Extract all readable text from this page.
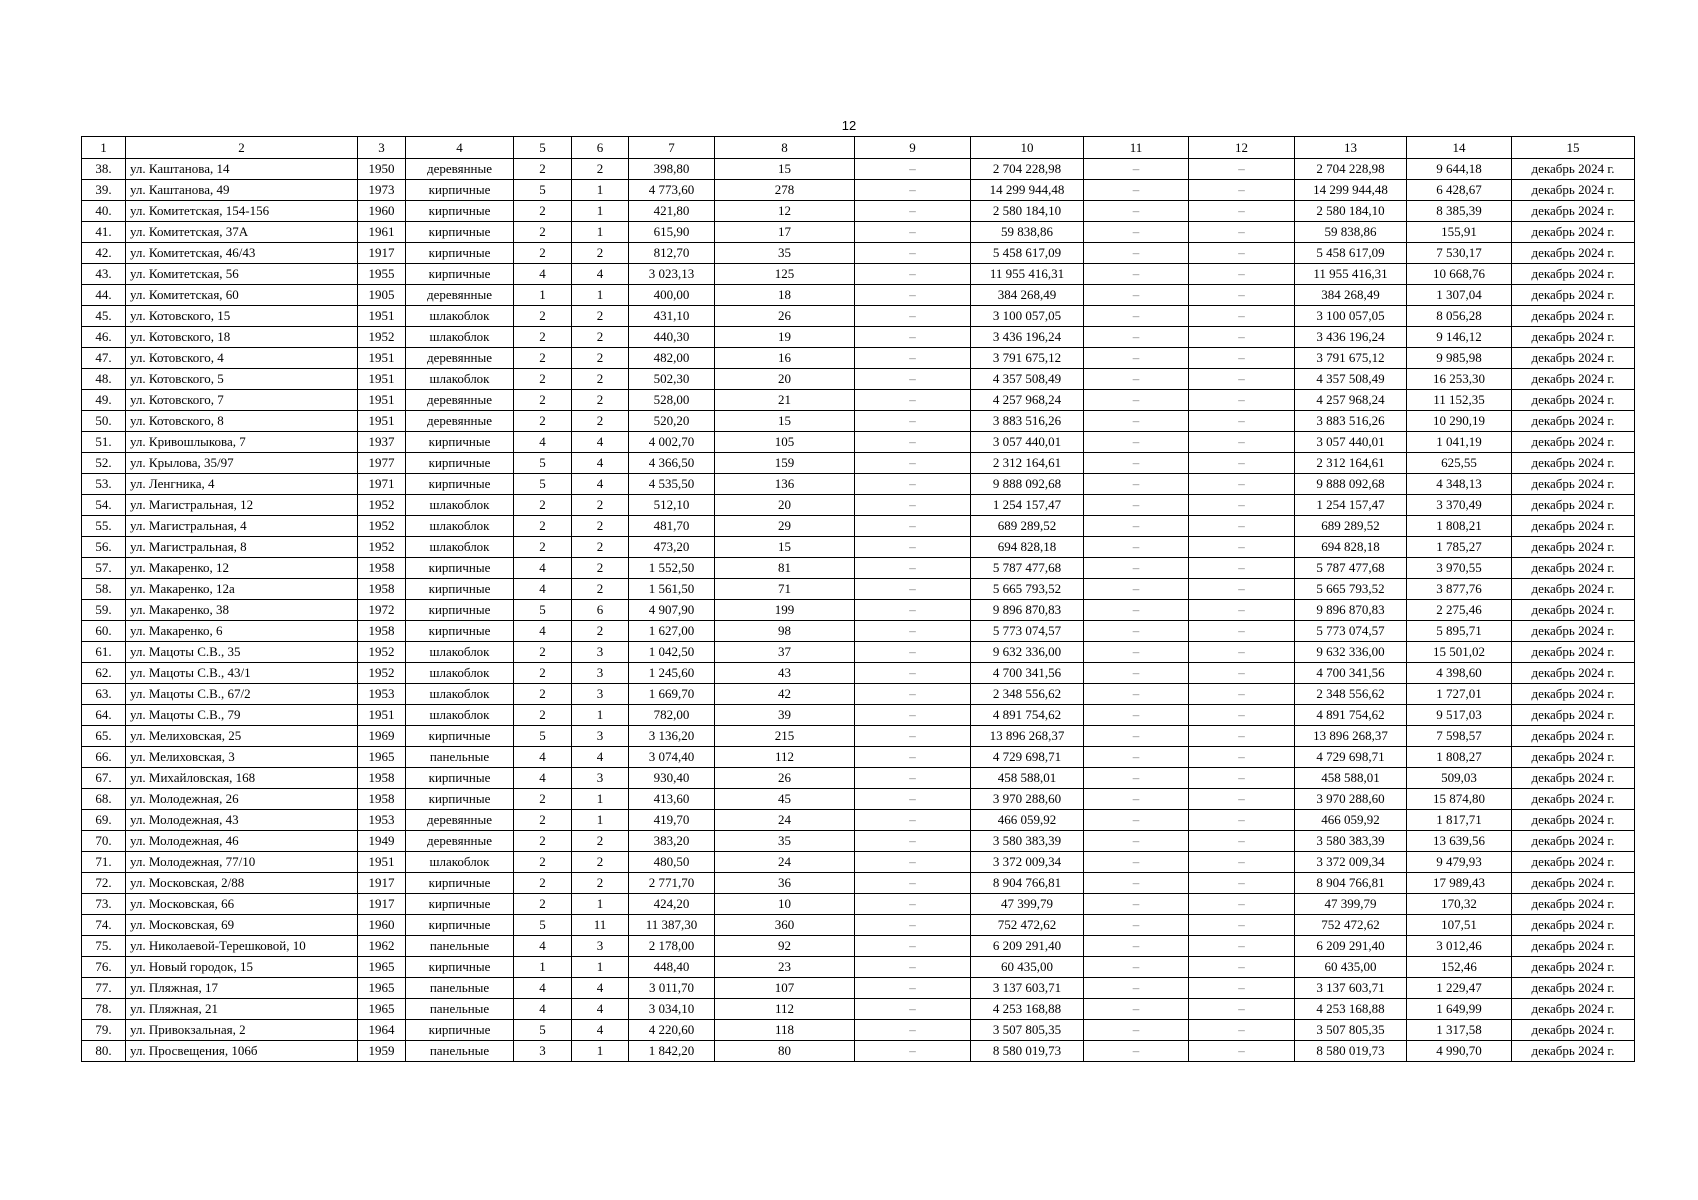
12
1	2	3	4	5	6	7	8	9	10	11	12	13	14	15
38.	ул. Каштанова, 14	1950	деревянные	2	2	398,80	15	–	2 704 228,98	–	–	2 704 228,98	9 644,18	декабрь 2024 г.
39.	ул. Каштанова, 49	1973	кирпичные	5	1	4 773,60	278	–	14 299 944,48	–	–	14 299 944,48	6 428,67	декабрь 2024 г.
40.	ул. Комитетская, 154-156	1960	кирпичные	2	1	421,80	12	–	2 580 184,10	–	–	2 580 184,10	8 385,39	декабрь 2024 г.
41.	ул. Комитетская, 37А	1961	кирпичные	2	1	615,90	17	–	59 838,86	–	–	59 838,86	155,91	декабрь 2024 г.
42.	ул. Комитетская, 46/43	1917	кирпичные	2	2	812,70	35	–	5 458 617,09	–	–	5 458 617,09	7 530,17	декабрь 2024 г.
43.	ул. Комитетская, 56	1955	кирпичные	4	4	3 023,13	125	–	11 955 416,31	–	–	11 955 416,31	10 668,76	декабрь 2024 г.
44.	ул. Комитетская, 60	1905	деревянные	1	1	400,00	18	–	384 268,49	–	–	384 268,49	1 307,04	декабрь 2024 г.
45.	ул. Котовского, 15	1951	шлакоблок	2	2	431,10	26	–	3 100 057,05	–	–	3 100 057,05	8 056,28	декабрь 2024 г.
46.	ул. Котовского, 18	1952	шлакоблок	2	2	440,30	19	–	3 436 196,24	–	–	3 436 196,24	9 146,12	декабрь 2024 г.
47.	ул. Котовского, 4	1951	деревянные	2	2	482,00	16	–	3 791 675,12	–	–	3 791 675,12	9 985,98	декабрь 2024 г.
48.	ул. Котовского, 5	1951	шлакоблок	2	2	502,30	20	–	4 357 508,49	–	–	4 357 508,49	16 253,30	декабрь 2024 г.
49.	ул. Котовского, 7	1951	деревянные	2	2	528,00	21	–	4 257 968,24	–	–	4 257 968,24	11 152,35	декабрь 2024 г.
50.	ул. Котовского, 8	1951	деревянные	2	2	520,20	15	–	3 883 516,26	–	–	3 883 516,26	10 290,19	декабрь 2024 г.
51.	ул. Кривошлыкова, 7	1937	кирпичные	4	4	4 002,70	105	–	3 057 440,01	–	–	3 057 440,01	1 041,19	декабрь 2024 г.
52.	ул. Крылова, 35/97	1977	кирпичные	5	4	4 366,50	159	–	2 312 164,61	–	–	2 312 164,61	625,55	декабрь 2024 г.
53.	ул. Ленгника, 4	1971	кирпичные	5	4	4 535,50	136	–	9 888 092,68	–	–	9 888 092,68	4 348,13	декабрь 2024 г.
54.	ул. Магистральная, 12	1952	шлакоблок	2	2	512,10	20	–	1 254 157,47	–	–	1 254 157,47	3 370,49	декабрь 2024 г.
55.	ул. Магистральная, 4	1952	шлакоблок	2	2	481,70	29	–	689 289,52	–	–	689 289,52	1 808,21	декабрь 2024 г.
56.	ул. Магистральная, 8	1952	шлакоблок	2	2	473,20	15	–	694 828,18	–	–	694 828,18	1 785,27	декабрь 2024 г.
57.	ул. Макаренко, 12	1958	кирпичные	4	2	1 552,50	81	–	5 787 477,68	–	–	5 787 477,68	3 970,55	декабрь 2024 г.
58.	ул. Макаренко, 12а	1958	кирпичные	4	2	1 561,50	71	–	5 665 793,52	–	–	5 665 793,52	3 877,76	декабрь 2024 г.
59.	ул. Макаренко, 38	1972	кирпичные	5	6	4 907,90	199	–	9 896 870,83	–	–	9 896 870,83	2 275,46	декабрь 2024 г.
60.	ул. Макаренко, 6	1958	кирпичные	4	2	1 627,00	98	–	5 773 074,57	–	–	5 773 074,57	5 895,71	декабрь 2024 г.
61.	ул. Мацоты С.В., 35	1952	шлакоблок	2	3	1 042,50	37	–	9 632 336,00	–	–	9 632 336,00	15 501,02	декабрь 2024 г.
62.	ул. Мацоты С.В., 43/1	1952	шлакоблок	2	3	1 245,60	43	–	4 700 341,56	–	–	4 700 341,56	4 398,60	декабрь 2024 г.
63.	ул. Мацоты С.В., 67/2	1953	шлакоблок	2	3	1 669,70	42	–	2 348 556,62	–	–	2 348 556,62	1 727,01	декабрь 2024 г.
64.	ул. Мацоты С.В., 79	1951	шлакоблок	2	1	782,00	39	–	4 891 754,62	–	–	4 891 754,62	9 517,03	декабрь 2024 г.
65.	ул. Мелиховская, 25	1969	кирпичные	5	3	3 136,20	215	–	13 896 268,37	–	–	13 896 268,37	7 598,57	декабрь 2024 г.
66.	ул. Мелиховская, 3	1965	панельные	4	4	3 074,40	112	–	4 729 698,71	–	–	4 729 698,71	1 808,27	декабрь 2024 г.
67.	ул. Михайловская, 168	1958	кирпичные	4	3	930,40	26	–	458 588,01	–	–	458 588,01	509,03	декабрь 2024 г.
68.	ул. Молодежная, 26	1958	кирпичные	2	1	413,60	45	–	3 970 288,60	–	–	3 970 288,60	15 874,80	декабрь 2024 г.
69.	ул. Молодежная, 43	1953	деревянные	2	1	419,70	24	–	466 059,92	–	–	466 059,92	1 817,71	декабрь 2024 г.
70.	ул. Молодежная, 46	1949	деревянные	2	2	383,20	35	–	3 580 383,39	–	–	3 580 383,39	13 639,56	декабрь 2024 г.
71.	ул. Молодежная, 77/10	1951	шлакоблок	2	2	480,50	24	–	3 372 009,34	–	–	3 372 009,34	9 479,93	декабрь 2024 г.
72.	ул. Московская, 2/88	1917	кирпичные	2	2	2 771,70	36	–	8 904 766,81	–	–	8 904 766,81	17 989,43	декабрь 2024 г.
73.	ул. Московская, 66	1917	кирпичные	2	1	424,20	10	–	47 399,79	–	–	47 399,79	170,32	декабрь 2024 г.
74.	ул. Московская, 69	1960	кирпичные	5	11	11 387,30	360	–	752 472,62	–	–	752 472,62	107,51	декабрь 2024 г.
75.	ул. Николаевой-Терешковой, 10	1962	панельные	4	3	2 178,00	92	–	6 209 291,40	–	–	6 209 291,40	3 012,46	декабрь 2024 г.
76.	ул. Новый городок, 15	1965	кирпичные	1	1	448,40	23	–	60 435,00	–	–	60 435,00	152,46	декабрь 2024 г.
77.	ул. Пляжная, 17	1965	панельные	4	4	3 011,70	107	–	3 137 603,71	–	–	3 137 603,71	1 229,47	декабрь 2024 г.
78.	ул. Пляжная, 21	1965	панельные	4	4	3 034,10	112	–	4 253 168,88	–	–	4 253 168,88	1 649,99	декабрь 2024 г.
79.	ул. Привокзальная, 2	1964	кирпичные	5	4	4 220,60	118	–	3 507 805,35	–	–	3 507 805,35	1 317,58	декабрь 2024 г.
80.	ул. Просвещения, 106б	1959	панельные	3	1	1 842,20	80	–	8 580 019,73	–	–	8 580 019,73	4 990,70	декабрь 2024 г.
